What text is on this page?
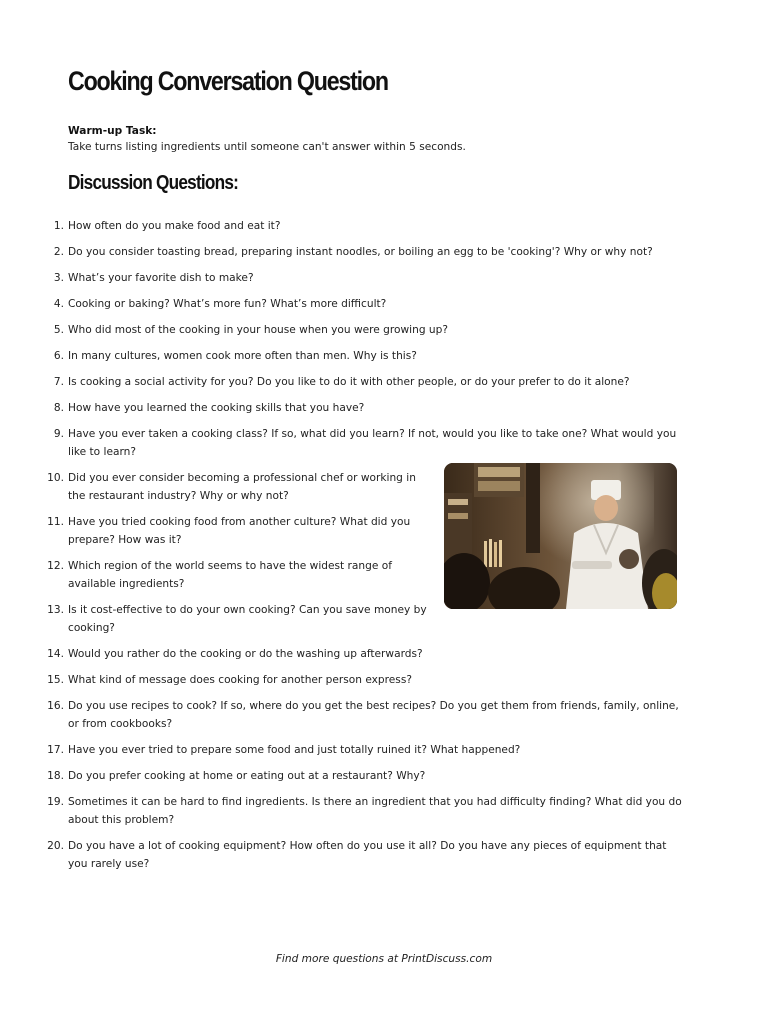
Cooking Conversation Question
Warm-up Task:
Take turns listing ingredients until someone can't answer within 5 seconds.
Discussion Questions:
1. How often do you make food and eat it?
2. Do you consider toasting bread, preparing instant noodles, or boiling an egg to be 'cooking'? Why or why not?
3. What’s your favorite dish to make?
4. Cooking or baking? What’s more fun? What’s more difficult?
5. Who did most of the cooking in your house when you were growing up?
6. In many cultures, women cook more often than men. Why is this?
7. Is cooking a social activity for you? Do you like to do it with other people, or do your prefer to do it alone?
8. How have you learned the cooking skills that you have?
9. Have you ever taken a cooking class? If so, what did you learn? If not, would you like to take one? What would you like to learn?
10. Did you ever consider becoming a professional chef or working in the restaurant industry? Why or why not?
11. Have you tried cooking food from another culture? What did you prepare? How was it?
12. Which region of the world seems to have the widest range of available ingredients?
13. Is it cost-effective to do your own cooking? Can you save money by cooking?
14. Would you rather do the cooking or do the washing up afterwards?
15. What kind of message does cooking for another person express?
16. Do you use recipes to cook? If so, where do you get the best recipes? Do you get them from friends, family, online, or from cookbooks?
17. Have you ever tried to prepare some food and just totally ruined it? What happened?
18. Do you prefer cooking at home or eating out at a restaurant? Why?
19. Sometimes it can be hard to find ingredients. Is there an ingredient that you had difficulty finding? What did you do about this problem?
20. Do you have a lot of cooking equipment? How often do you use it all? Do you have any pieces of equipment that you rarely use?
Find more questions at PrintDiscuss.com
